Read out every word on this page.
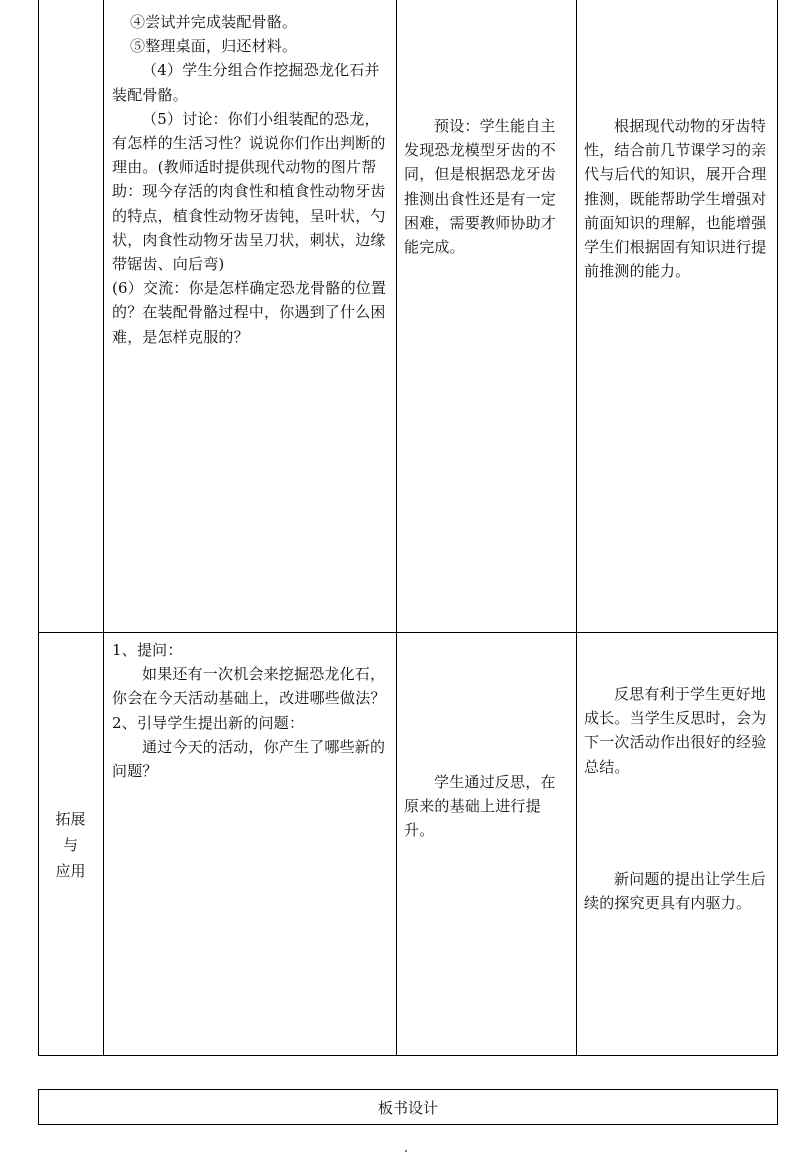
④尝试并完成装配骨骼。

⑤整理桌面，归还材料。

（4）学生分组合作挖掘恐龙化石并装配骨骼。

（5）讨论：你们小组装配的恐龙，有怎样的生活习性？说说你们作出判断的理由。(教师适时提供现代动物的图片帮助：现今存活的肉食性和植食性动物牙齿的特点，植食性动物牙齿钝，呈叶状，勺状，肉食性动物牙齿呈刀状，刺状，边缘带锯齿、向后弯)

(6）交流：你是怎样确定恐龙骨骼的位置的？在装配骨骼过程中，你遇到了什么困难，是怎样克服的？

预设：学生能自主发现恐龙模型牙齿的不同，但是根据恐龙牙齿推测出食性还是有一定困难，需要教师协助才能完成。

根据现代动物的牙齿特性，结合前几节课学习的亲代与后代的知识，展开合理推测，既能帮助学生增强对前面知识的理解，也能增强学生们根据固有知识进行提前推测的能力。

拓展
与
应用

1、提问：

如果还有一次机会来挖掘恐龙化石，你会在今天活动基础上，改进哪些做法？

2、引导学生提出新的问题：

通过今天的活动，你产生了哪些新的问题？

学生通过反思，在原来的基础上进行提升。

反思有利于学生更好地成长。当学生反思时，会为下一次活动作出很好的经验总结。

新问题的提出让学生后续的探究更具有内驱力。

板书设计
